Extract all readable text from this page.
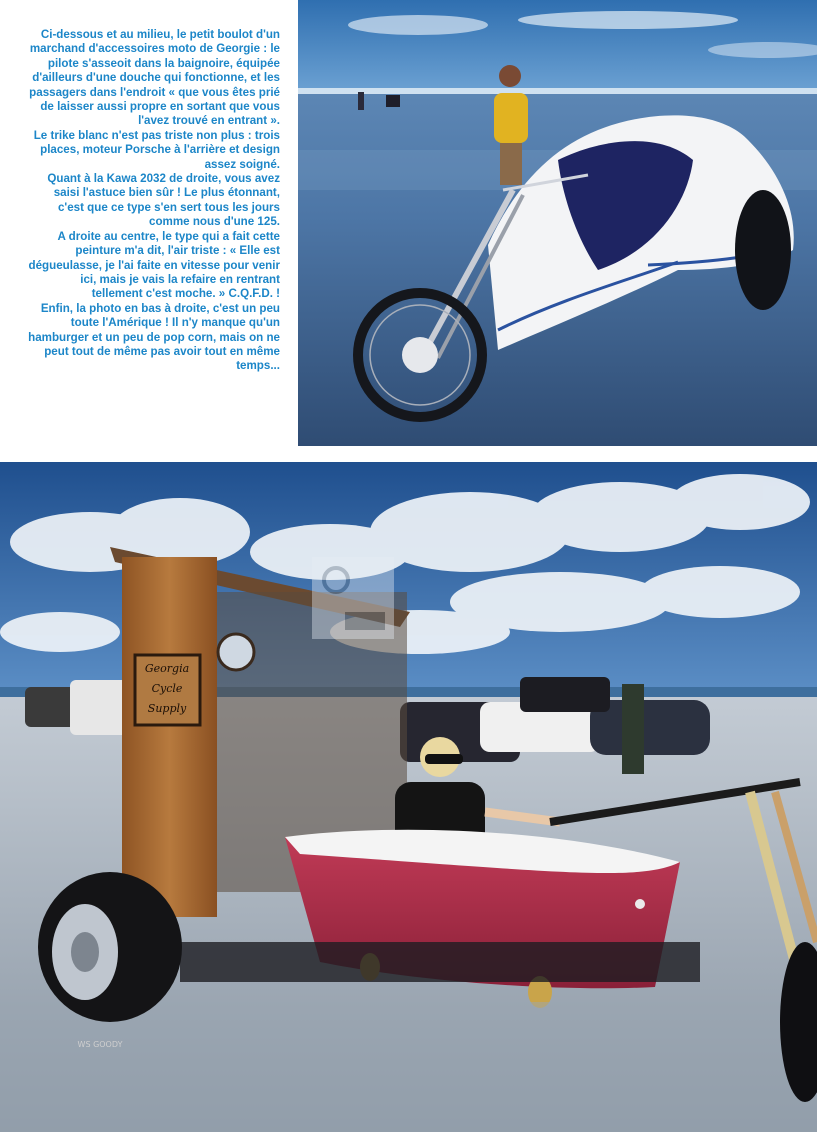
Ci-dessous et au milieu, le petit boulot d'un marchand d'accessoires moto de Georgie : le pilote s'asseoit dans la baignoire, équipée d'ailleurs d'une douche qui fonctionne, et les passagers dans l'endroit « que vous êtes prié de laisser aussi propre en sortant que vous l'avez trouvé en entrant ».
Le trike blanc n'est pas triste non plus : trois places, moteur Porsche à l'arrière et design assez soigné.
Quant à la Kawa 2032 de droite, vous avez saisi l'astuce bien sûr ! Le plus étonnant, c'est que ce type s'en sert tous les jours comme nous d'une 125.
A droite au centre, le type qui a fait cette peinture m'a dit, l'air triste : « Elle est dégueulasse, je l'ai faite en vitesse pour venir ici, mais je vais la refaire en rentrant tellement c'est moche. » C.Q.F.D. !
Enfin, la photo en bas à droite, c'est un peu toute l'Amérique ! Il n'y manque qu'un hamburger et un peu de pop corn, mais on ne peut tout de même pas avoir tout en même temps...
Georgia
Cycle
Supply
WS GOODY
